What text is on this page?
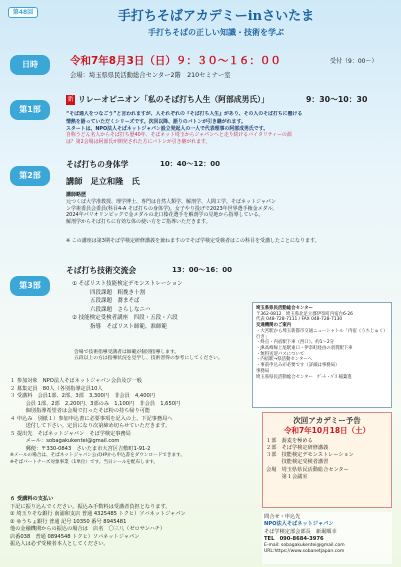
第48回	手打ちそばアカデミーinさいたま
手打ちそばの正しい知識・技術を学ぶ
日時	令和7年8月3日（日）９：３０～１６：００	受付（9：00～）
会場：埼玉県県民活動総合センター2階　210セミナー室
第1部
新 リレーオピニオン「私のそば打ち人生（阿部成男氏）」	9：30～10：30
“そば通人をつなごう”と言われますが、人それぞれの『そば打ち人生』があり、その人のそば打ちに懸ける
情熱を語っていただくシリーズです。次回以降、語りのバトンが引き継がれます。
スタートは、NPO法人そばネットジャパン設立発起人の一人で代表理事の阿部成男氏です。
自称うどん名人からそば打ち歴40年、そばネット埼玉からジャパンへと走り続けるバイタリティーの源
は？第2会場は阿部氏が開発された方にバトンが引き継がれます。
第2部
そば打ちの身体学	10：40～12：00
講師　足立和隆　氏
講師略歴
元つくば大学准教授、理学博士、専門は自然人類学、解剖学、人間工学。そばネットジャパン
ン学術委員会委員(科目4-A そば打ちの身体学)。女子やり投げで2023年世界選手権金メダル、
2024年パリオリンピックで金メダルの北口榛花選手を解剖学の見地から指導している。
解剖学からそば打ちに有効な体の使い方をご指導いただきます。
※ この講座は第3期そば学検定研修講義を兼ねますのでそば学検定受検者はこの科目を受講したことになります。
第3部
そば打ち技術交流会	13：00～16：00
① そばリスト技能検定デモンストレーション
四段課題　粗挽き十割
五段課題　蕎まそば
六段課題　さらしなニハ
② 技能検定受検者講座　四段・五段・六段
指導　そばリスト師範、准師範
会場で技術指導受講者は師範が個別指導します。
五段以上の方は指導状況を見学し、技術習得の参考にしてください。
埼玉県県民活動総合センター
〒362-0812　埼玉県北足立郡伊奈町内宿台6-26
代表 048-728-7111 / FAX 048-728-7130
交通機関のご案内
・大宮駅から埼玉新都市交通ニューシャトル「内宿（うちじゅく）行き」
・終点・内宿駅下車（西口）、約1〜2分
・JR高崎線上尾駅東口・伊奈町経由の羽貫駅下車
・無料送迎バスについて
・内宿駅→県活動センターへ
・事前申込みが必要です（詳細は事務局）
事務局
埼玉県県民活動総合センター　ｹﾞｰﾄ・ﾊﾞｽ 稲葉進
１ 参加対象　NPO法人そばネットジャパン会員及び一般
２ 募集定員　80人（各別指導定員10人
３ 受講料　会員1部、2部、3部　3,300円　非会員　4,400円
　　　会員 1部、2部　2,200円、3部のみ　1,100円　非会員　1,650円
　　　個別指導希望者は会場で打ったそば粉の持ち帰り可能
４ 申込み　別紙１）参加申込書に必要事項を記入の上、下記事務局へ
　　　送付して下さい。定員になり次第締め切らせていただきます。
５ 提出先　そばネットジャパン　そば学検定事務局
　　　メール：sobagakukentei@gmail.com
　　　郵便：〒330-0843　さいたま市大宮区吉敷町1-91-2
※メールの場合は、そばネットジャパン公式HPから申込書をダウンロードできます。
※そばパートナーズ対象事業（1単位）です。当日シールを配布します。
次回アカデミー予告
令和7年10月18日（土）
１部　蕎麦を極める
２部　そば学検定研修講義
３部　技能検定デモンストレーション
　　　技能検定受検者講習
会場　埼玉県県民活動総合センター
　　　第１会議室
６ 受講料の支払い
下記に振り込んでください。振込み手数料は受講者負担となります。
① 埼玉りそな銀行 南浦和支店 普通 4325485 トクヒ）ソバネットジャパン
② ゆうちょ銀行 普通 記号 10350 番号 8945481
他の金融機関からの振込の場合は　店名　〇三八（ゼロサンハチ）
店番038　普通 0894548 トクヒ）ソバネットジャパン
振込人は必ず受検者本人としてください。
問合せ・申込先
NPO法人そばネットジャパン
そば学検定部会部長　新堀順幸
TEL　090-8684-3976
E-mail: sobagakukentei@gmail.com
URL:https://www.sobanetjapan.com
